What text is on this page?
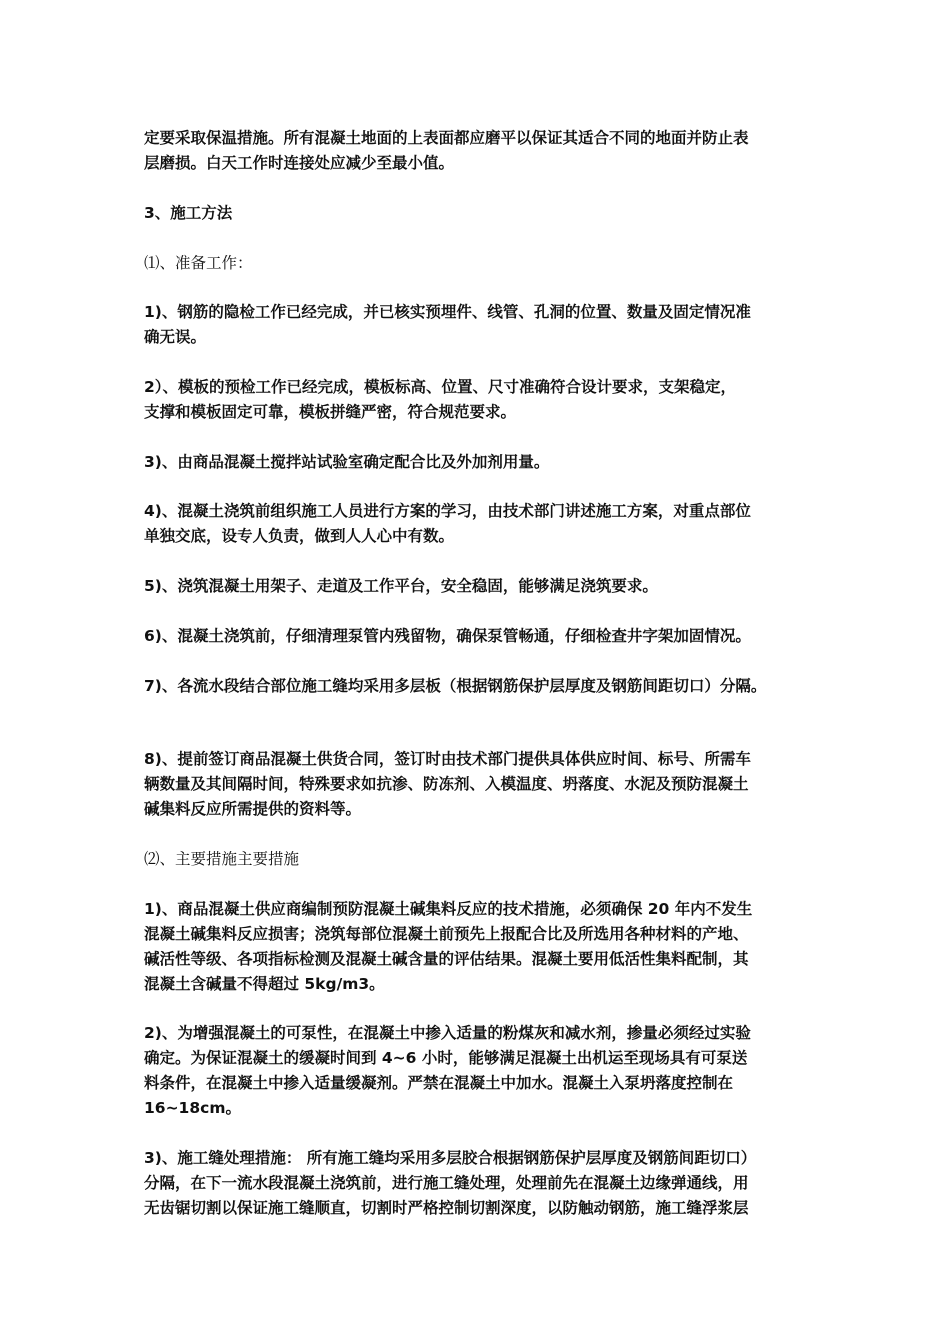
定要采取保温措施。所有混凝土地面的上表面都应磨平以保证其适合不同的地面并防止表

层磨损。白天工作时连接处应减少至最小值。

3、施工方法

⑴、准备工作：

1)、钢筋的隐检工作已经完成，并已核实预埋件、线管、孔洞的位置、数量及固定情况准

确无误。

2）、模板的预检工作已经完成，模板标高、位置、尺寸准确符合设计要求，支架稳定，

支撑和模板固定可靠，模板拼缝严密，符合规范要求。

3)、由商品混凝土搅拌站试验室确定配合比及外加剂用量。

4)、混凝土浇筑前组织施工人员进行方案的学习，由技术部门讲述施工方案，对重点部位

单独交底，设专人负责，做到人人心中有数。

5)、浇筑混凝土用架子、走道及工作平台，安全稳固，能够满足浇筑要求。

6)、混凝土浇筑前，仔细清理泵管内残留物，确保泵管畅通，仔细检查井字架加固情况。

7)、各流水段结合部位施工缝均采用多层板（根据钢筋保护层厚度及钢筋间距切口）分隔。

8)、提前签订商品混凝土供货合同，签订时由技术部门提供具体供应时间、标号、所需车

辆数量及其间隔时间，特殊要求如抗渗、防冻剂、入模温度、坍落度、水泥及预防混凝土

碱集料反应所需提供的资料等。

⑵、主要措施主要措施

1)、商品混凝土供应商编制预防混凝土碱集料反应的技术措施，必须确保 20 年内不发生

混凝土碱集料反应损害；浇筑每部位混凝土前预先上报配合比及所选用各种材料的产地、

碱活性等级、各项指标检测及混凝土碱含量的评估结果。混凝土要用低活性集料配制，其

混凝土含碱量不得超过 5kg/m3。

2)、为增强混凝土的可泵性，在混凝土中掺入适量的粉煤灰和减水剂，掺量必须经过实验

确定。为保证混凝土的缓凝时间到 4~6 小时，能够满足混凝土出机运至现场具有可泵送

料条件，在混凝土中掺入适量缓凝剂。严禁在混凝土中加水。混凝土入泵坍落度控制在

16~18cm。

3)、施工缝处理措施： 所有施工缝均采用多层胶合根据钢筋保护层厚度及钢筋间距切口）

分隔，在下一流水段混凝土浇筑前，进行施工缝处理，处理前先在混凝土边缘弹通线，用

无齿锯切割以保证施工缝顺直，切割时严格控制切割深度，以防触动钢筋，施工缝浮浆层
